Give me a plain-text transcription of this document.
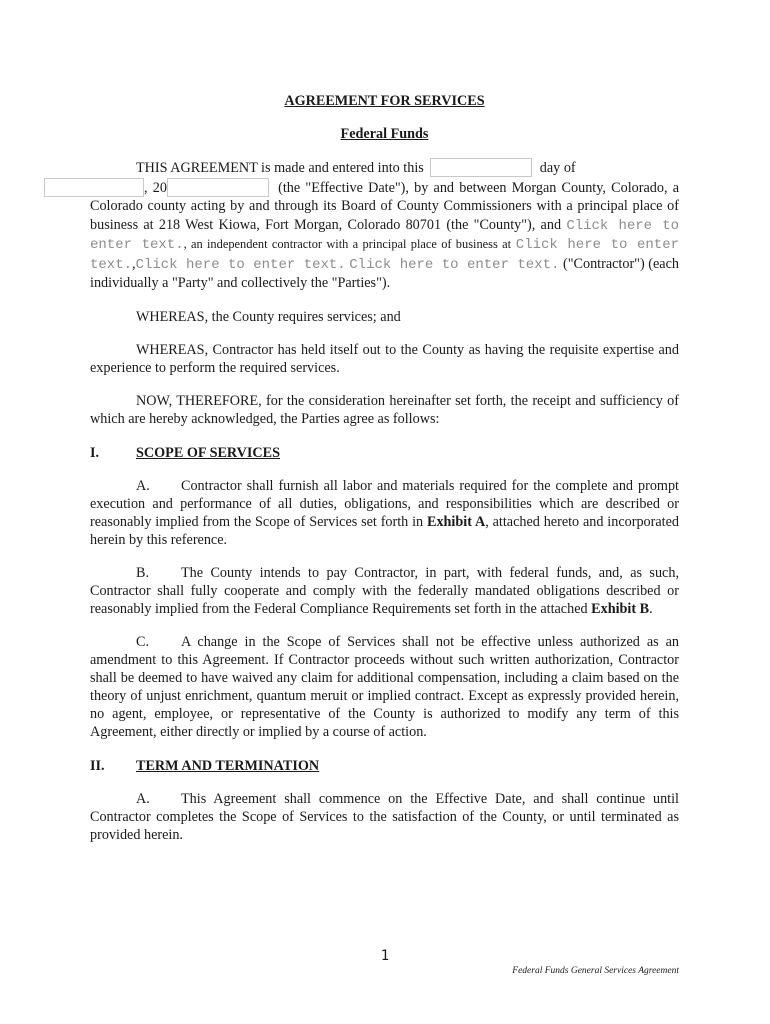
AGREEMENT FOR SERVICES
Federal Funds

THIS AGREEMENT is made and entered into this	day of
, 20	(the "Effective Date"), by and between Morgan County, Colorado, a Colorado county acting by and through its Board of County Commissioners with a principal place of business at 218 West Kiowa, Fort Morgan, Colorado 80701 (the "County"), and Click here to enter text., an independent contractor with a principal place of business at Click here to enter text.,Click here to enter text. Click here to enter text. ("Contractor") (each individually a "Party" and collectively the "Parties").

WHEREAS, the County requires services; and

WHEREAS, Contractor has held itself out to the County as having the requisite expertise and experience to perform the required services.

NOW, THEREFORE, for the consideration hereinafter set forth, the receipt and sufficiency of which are hereby acknowledged, the Parties agree as follows:

I.	SCOPE OF SERVICES

A. Contractor shall furnish all labor and materials required for the complete and prompt execution and performance of all duties, obligations, and responsibilities which are described or reasonably implied from the Scope of Services set forth in Exhibit A, attached hereto and incorporated herein by this reference.

B. The County intends to pay Contractor, in part, with federal funds, and, as such, Contractor shall fully cooperate and comply with the federally mandated obligations described or reasonably implied from the Federal Compliance Requirements set forth in the attached Exhibit B.

C. A change in the Scope of Services shall not be effective unless authorized as an amendment to this Agreement. If Contractor proceeds without such written authorization, Contractor shall be deemed to have waived any claim for additional compensation, including a claim based on the theory of unjust enrichment, quantum meruit or implied contract. Except as expressly provided herein, no agent, employee, or representative of the County is authorized to modify any term of this Agreement, either directly or implied by a course of action.

II. TERM AND TERMINATION

A. This Agreement shall commence on the Effective Date, and shall continue until Contractor completes the Scope of Services to the satisfaction of the County, or until terminated as provided herein.

1
Federal Funds General Services Agreement
